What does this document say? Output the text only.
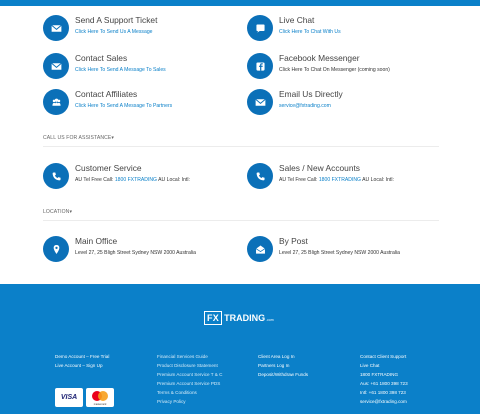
Send A Support Ticket
Click Here To Send Us A Message
Live Chat
Click Here To Chat With Us
Contact Sales
Click Here To Send A Message To Sales
Facebook Messenger
Click Here To Chat On Messenger (coming soon)
Contact Affiliates
Click Here To Send A Message To Partners
Email Us Directly
service@fxtrading.com
CALL US FOR ASSISTANCE▾
Customer Service
AU Tel Free Call: 1800 FXTRADING AU Local: Intl:
Sales / New Accounts
AU Tel Free Call: 1800 FXTRADING AU Local: Intl:
LOCATION▾
Main Office
Level 27, 25 Bligh Street Sydney NSW 2000 Australia
By Post
Level 27, 25 Bligh Street Sydney NSW 2000 Australia
FX TRADING .com
Demo Account – Free Trial
Live Account – Sign Up
Financial Services Guide
Product Disclosure Statement
Premium Account Service T & C
Premium Account Service PDS
Terms & Conditions
Privacy Policy
Client Area Log In
Partners Log In
Deposit/Withdraw Funds
Contact Client Support
Live Chat
1800 FXTRADING
Aus: +61 1800 398 723
Intl: +61 1800 398 723
service@fxtrading.com
VISA
mastercard
